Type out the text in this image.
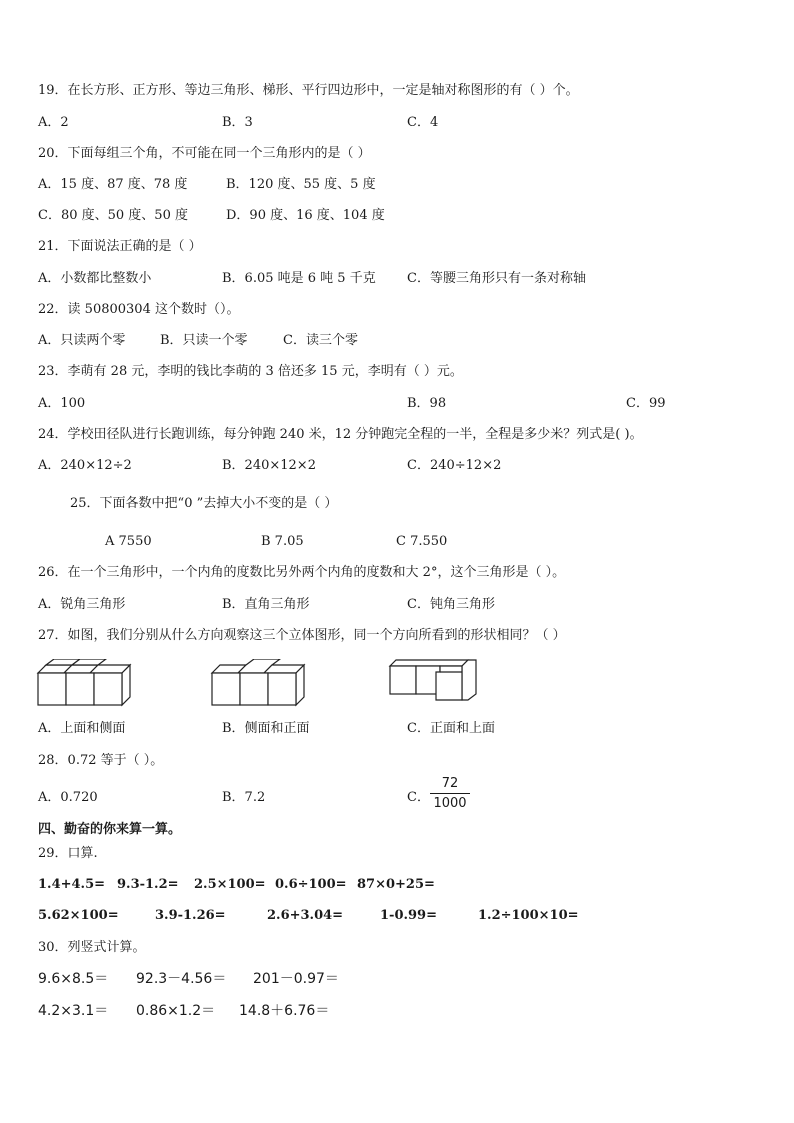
19．在长方形、正方形、等边三角形、梯形、平行四边形中，一定是轴对称图形的有（ ）个。
A．2	B．3	C．4
20．下面每组三个角，不可能在同一个三角形内的是（ ）
A．15 度、87 度、78 度	B．120 度、55 度、5 度
C．80 度、50 度、50 度	D．90 度、16 度、104 度
21．下面说法正确的是（ ）
A．小数都比整数小	B．6.05 吨是 6 吨 5 千克 C．等腰三角形只有一条对称轴
22．读 50800304 这个数时（）。
A．只读两个零	B．只读一个零	C．读三个零
23．李萌有 28 元，李明的钱比李萌的 3 倍还多 15 元，李明有（ ）元。
A．100	B．98	C．99
24．学校田径队进行长跑训练，每分钟跑 240 米，12 分钟跑完全程的一半，全程是多少米？列式是( )。
A．240×12÷2	B．240×12×2	C．240÷12×2
25．下面各数中把“0 ”去掉大小不变的是（ ）
A 7550	B 7.05	C 7.550
26．在一个三角形中，一个内角的度数比另外两个内角的度数和大 2°，这个三角形是（ ）。
A．锐角三角形	B．直角三角形	C．钝角三角形
27．如图，我们分别从什么方向观察这三个立体图形，同一个方向所看到的形状相同？（ ）
A．上面和侧面	B．侧面和正面	C．正面和上面
28．0.72 等于（ ）。
A．0.720	B．7.2	C．
72
1000
四、勤奋的你来算一算。
29．口算.
1.4+4.5= 9.3-1.2= 2.5×100= 0.6÷100= 87×0+25=
5.62×100=	3.9-1.26=	2.6+3.04=	1-0.99=	1.2÷100×10=
30．列竖式计算。
9.6×8.5＝ 92.3－4.56＝ 201－0.97＝
4.2×3.1＝ 0.86×1.2＝ 14.8＋6.76＝
